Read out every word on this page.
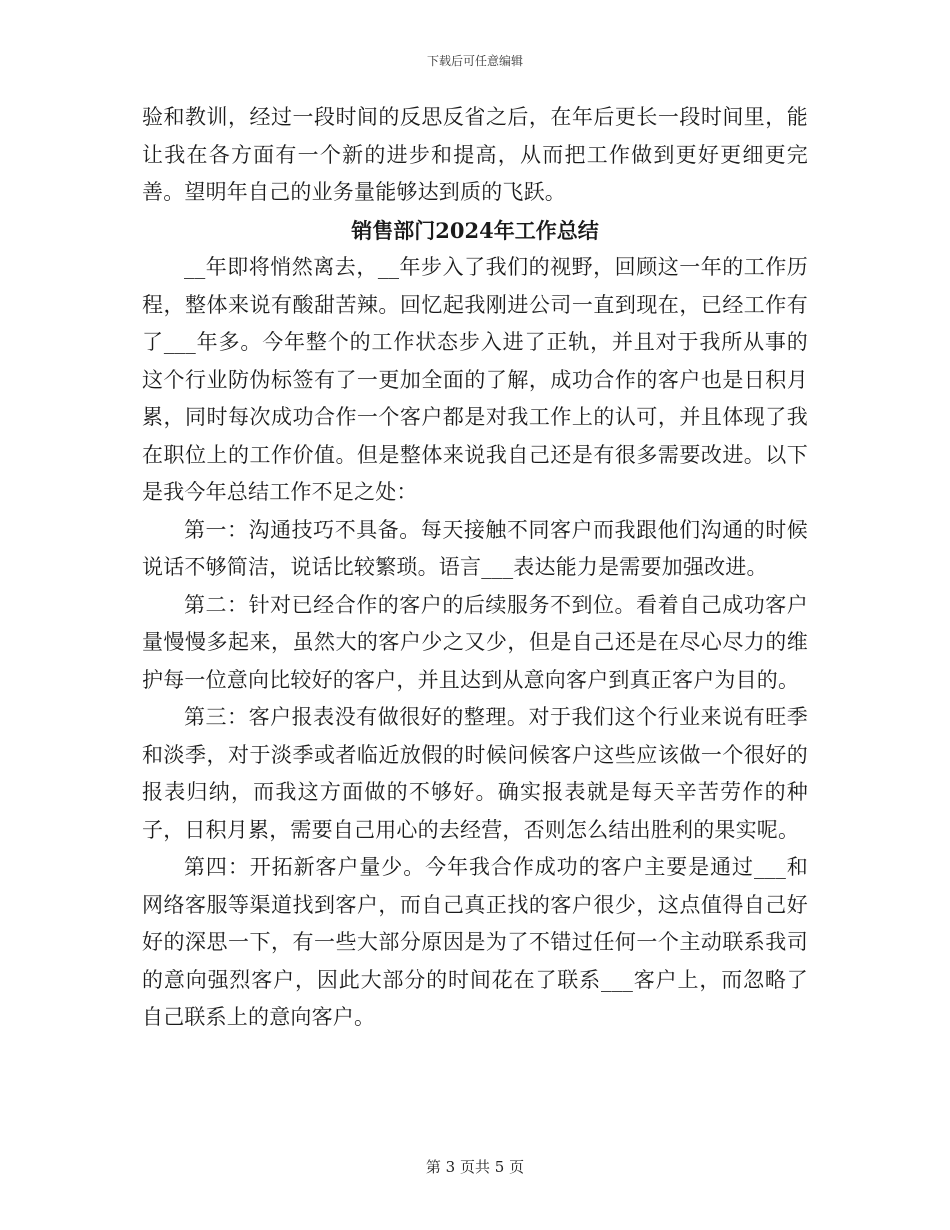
下载后可任意编辑

验和教训，经过一段时间的反思反省之后，在年后更长一段时间里，能让我在各方面有一个新的进步和提高，从而把工作做到更好更细更完善。望明年自己的业务量能够达到质的飞跃。

销售部门2024年工作总结

__年即将悄然离去，__年步入了我们的视野，回顾这一年的工作历程，整体来说有酸甜苦辣。回忆起我刚进公司一直到现在，已经工作有了___年多。今年整个的工作状态步入进了正轨，并且对于我所从事的这个行业防伪标签有了一更加全面的了解，成功合作的客户也是日积月累，同时每次成功合作一个客户都是对我工作上的认可，并且体现了我在职位上的工作价值。但是整体来说我自己还是有很多需要改进。以下是我今年总结工作不足之处：

第一：沟通技巧不具备。每天接触不同客户而我跟他们沟通的时候说话不够简洁，说话比较繁琐。语言___表达能力是需要加强改进。

第二：针对已经合作的客户的后续服务不到位。看着自己成功客户量慢慢多起来，虽然大的客户少之又少，但是自己还是在尽心尽力的维护每一位意向比较好的客户，并且达到从意向客户到真正客户为目的。

第三：客户报表没有做很好的整理。对于我们这个行业来说有旺季和淡季，对于淡季或者临近放假的时候问候客户这些应该做一个很好的报表归纳，而我这方面做的不够好。确实报表就是每天辛苦劳作的种子，日积月累，需要自己用心的去经营，否则怎么结出胜利的果实呢。

第四：开拓新客户量少。今年我合作成功的客户主要是通过___和网络客服等渠道找到客户，而自己真正找的客户很少，这点值得自己好好的深思一下，有一些大部分原因是为了不错过任何一个主动联系我司的意向强烈客户，因此大部分的时间花在了联系___客户上，而忽略了自己联系上的意向客户。

第 3 页共 5 页
